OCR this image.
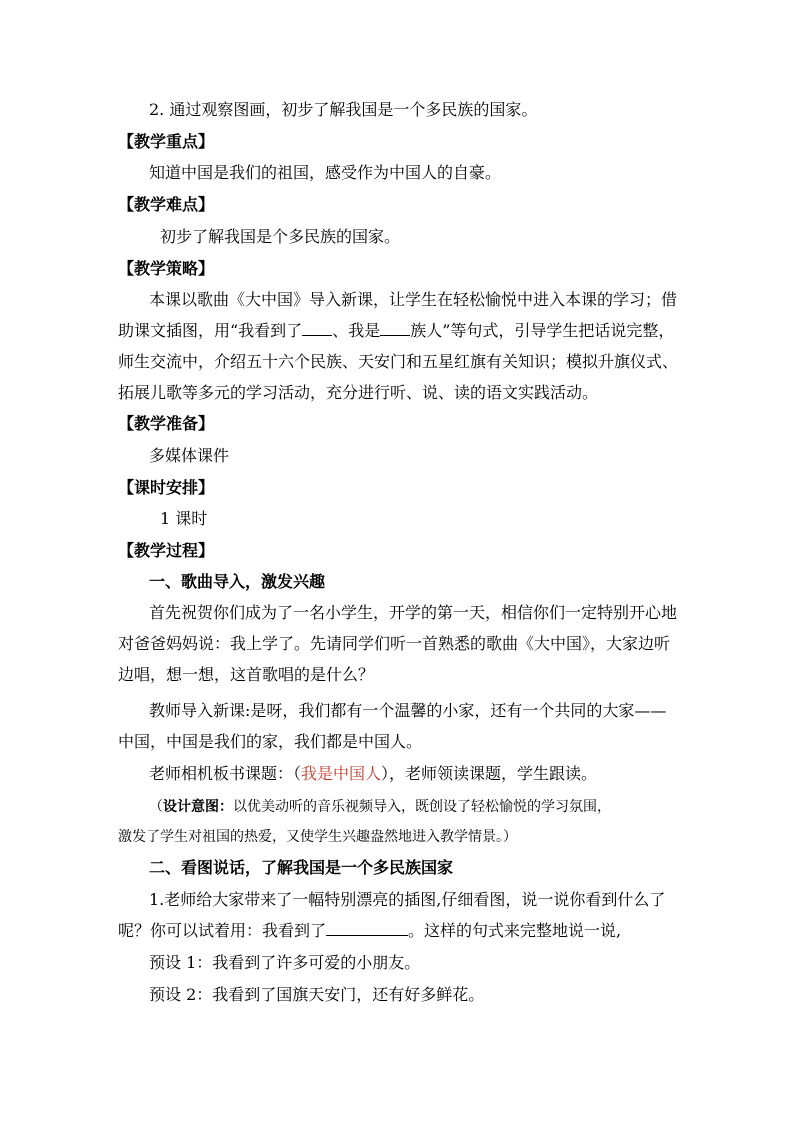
2. 通过观察图画，初步了解我国是一个多民族的国家。
【教学重点】
知道中国是我们的祖国，感受作为中国人的自豪。
【教学难点】
初步了解我国是个多民族的国家。
【教学策略】
本课以歌曲《大中国》导入新课，让学生在轻松愉悦中进入本课的学习；借
助课文插图，用“我看到了 、我是 族人”等句式，引导学生把话说完整，
师生交流中，介绍五十六个民族、天安门和五星红旗有关知识；模拟升旗仪式、
拓展儿歌等多元的学习活动，充分进行听、说、读的语文实践活动。
【教学准备】
多媒体课件
【课时安排】
1 课时
【教学过程】
一、歌曲导入，激发兴趣
首先祝贺你们成为了一名小学生，开学的第一天，相信你们一定特别开心地
对爸爸妈妈说：我上学了。先请同学们听一首熟悉的歌曲《大中国》，大家边听
边唱，想一想，这首歌唱的是什么？
教师导入新课:是呀，我们都有一个温馨的小家，还有一个共同的大家——
中国，中国是我们的家，我们都是中国人。
老师相机板书课题：（我是中国人），老师领读课题，学生跟读。
（设计意图：以优美动听的音乐视频导入，既创设了轻松愉悦的学习氛围，
激发了学生对祖国的热爱，又使学生兴趣盎然地进入教学情景。）
二、看图说话，了解我国是一个多民族国家
1.老师给大家带来了一幅特别漂亮的插图,仔细看图，说一说你看到什么了
呢？你可以试着用：我看到了	。这样的句式来完整地说一说,
预设 1：我看到了许多可爱的小朋友。
预设 2：我看到了国旗天安门，还有好多鲜花。
